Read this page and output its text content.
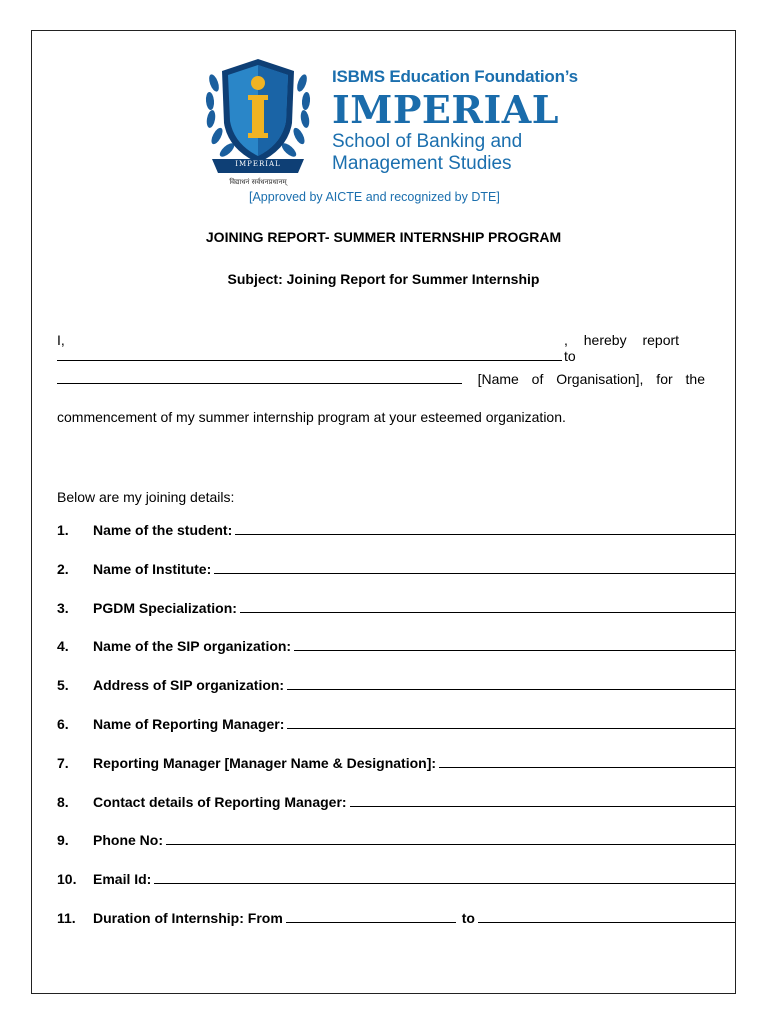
IMPERIAL
विद्याधनं सर्वधनप्रधानम्
ISBMS Education Foundation’s
IMPERIAL
School of Banking and
Management Studies
[Approved by AICTE and recognized by DTE]
JOINING REPORT- SUMMER INTERNSHIP PROGRAM
Subject: Joining Report for Summer Internship
I,	, hereby report to
[Name of Organisation], for the
commencement of my summer internship program at your esteemed organization.
Below are my joining details:
1.	Name of the student:
2.	Name of Institute:
3.	PGDM Specialization:
4.	Name of the SIP organization:
5.	Address of SIP organization:
6.	Name of Reporting Manager:
7.	Reporting Manager [Manager Name & Designation]:
8.	Contact details of Reporting Manager:
9.	Phone No:
10.	Email Id:
11.	Duration of Internship: From	to
